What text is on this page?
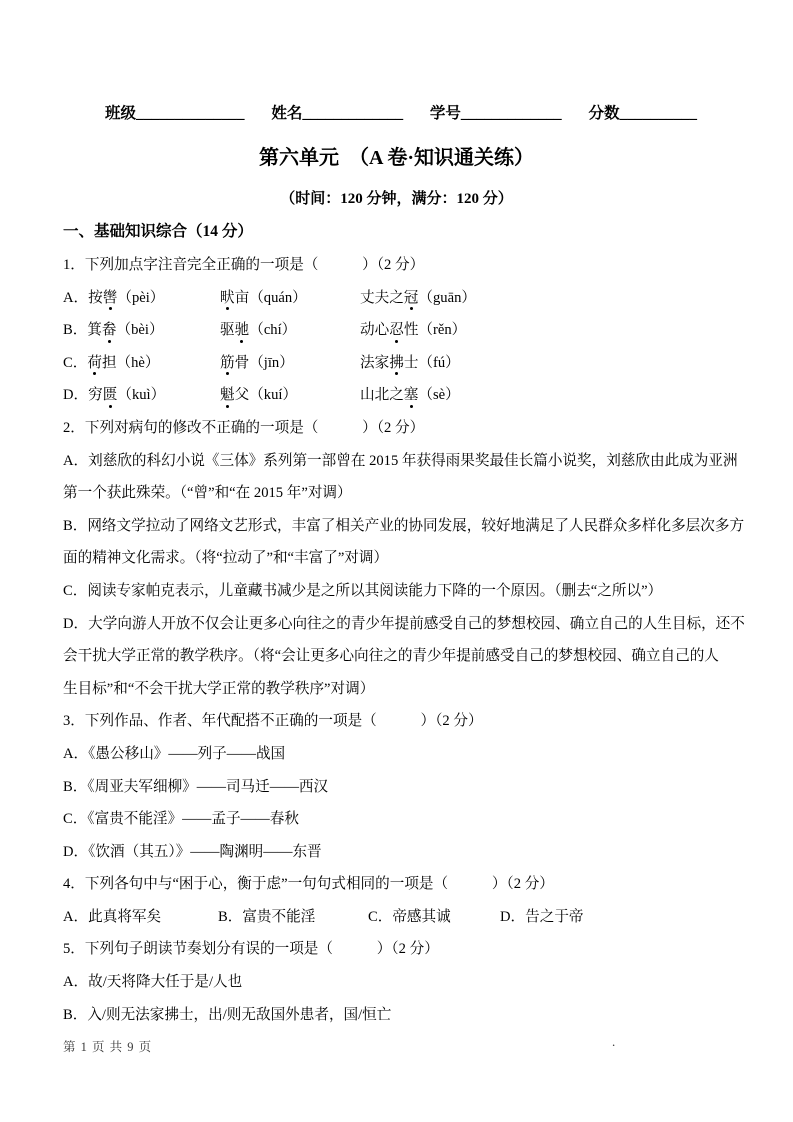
班级______________ 姓名_____________ 学号_____________ 分数__________
第六单元　（A 卷·知识通关练）
（时间：120 分钟，满分：120 分）
一、基础知识综合（14 分）
1．下列加点字注音完全正确的一项是（　　　）（2 分）
A．按辔（pèi）	畎亩（quán）	丈夫之冠（guān）
B．箕畚（bèi）	驱驰（chí）	动心忍性（rěn）
C．荷担（hè）	筋骨（jīn）	法家拂士（fú）
D．穷匮（kuì）	魁父（kuí）	山北之塞（sè）
2．下列对病句的修改不正确的一项是（　　　）（2 分）
A．刘慈欣的科幻小说《三体》系列第一部曾在 2015 年获得雨果奖最佳长篇小说奖，刘慈欣由此成为亚洲
第一个获此殊荣。（“曾”和“在 2015 年”对调）
B．网络文学拉动了网络文艺形式，丰富了相关产业的协同发展，较好地满足了人民群众多样化多层次多方
面的精神文化需求。（将“拉动了”和“丰富了”对调）
C．阅读专家帕克表示，儿童藏书减少是之所以其阅读能力下降的一个原因。（删去“之所以”）
D．大学向游人开放不仅会让更多心向往之的青少年提前感受自己的梦想校园、确立自己的人生目标，还不
会干扰大学正常的教学秩序。（将“会让更多心向往之的青少年提前感受自己的梦想校园、确立自己的人
生目标”和“不会干扰大学正常的教学秩序”对调）
3．下列作品、作者、年代配搭不正确的一项是（　　　）（2 分）
A．《愚公移山》——列子——战国
B．《周亚夫军细柳》——司马迁——西汉
C．《富贵不能淫》——孟子——春秋
D．《饮酒（其五）》——陶渊明——东晋
4．下列各句中与“困于心，衡于虑”一句句式相同的一项是（　　　）（2 分）
A．此真将军矣	B．富贵不能淫	C．帝感其诚	D．告之于帝
5．下列句子朗读节奏划分有误的一项是（　　　）（2 分）
A．故/天将降大任于是/人也
B．入/则无法家拂士，出/则无敌国外患者，国/恒亡
第 1 页 共 9 页	.
